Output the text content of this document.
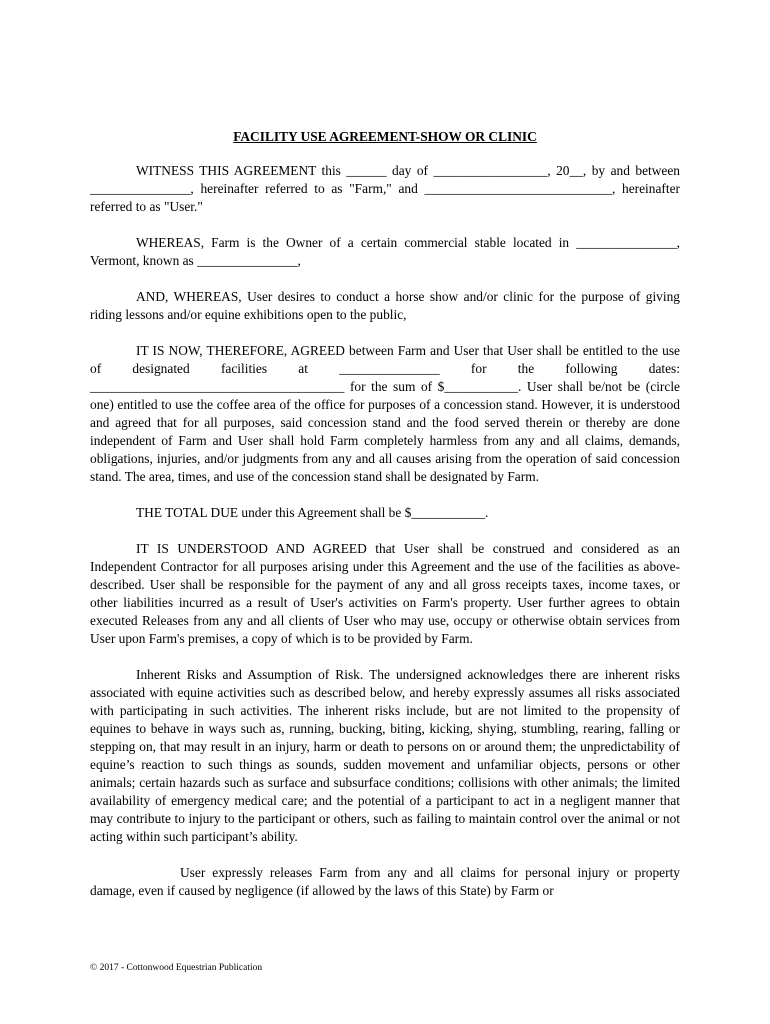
FACILITY USE AGREEMENT-SHOW OR CLINIC

WITNESS THIS AGREEMENT this ______ day of _________________, 20__, by and between _______________, hereinafter referred to as "Farm," and ____________________________, hereinafter referred to as "User."

WHEREAS, Farm is the Owner of a certain commercial stable located in _______________, Vermont, known as _______________,

AND, WHEREAS, User desires to conduct a horse show and/or clinic for the purpose of giving riding lessons and/or equine exhibitions open to the public,

IT IS NOW, THEREFORE, AGREED between Farm and User that User shall be entitled to the use of designated facilities at _______________ for the following dates: ______________________________________ for the sum of $___________. User shall be/not be (circle one) entitled to use the coffee area of the office for purposes of a concession stand. However, it is understood and agreed that for all purposes, said concession stand and the food served therein or thereby are done independent of Farm and User shall hold Farm completely harmless from any and all claims, demands, obligations, injuries, and/or judgments from any and all causes arising from the operation of said concession stand. The area, times, and use of the concession stand shall be designated by Farm.

THE TOTAL DUE under this Agreement shall be $___________.

IT IS UNDERSTOOD AND AGREED that User shall be construed and considered as an Independent Contractor for all purposes arising under this Agreement and the use of the facilities as above-described. User shall be responsible for the payment of any and all gross receipts taxes, income taxes, or other liabilities incurred as a result of User's activities on Farm's property. User further agrees to obtain executed Releases from any and all clients of User who may use, occupy or otherwise obtain services from User upon Farm's premises, a copy of which is to be provided by Farm.

Inherent Risks and Assumption of Risk. The undersigned acknowledges there are inherent risks associated with equine activities such as described below, and hereby expressly assumes all risks associated with participating in such activities. The inherent risks include, but are not limited to the propensity of equines to behave in ways such as, running, bucking, biting, kicking, shying, stumbling, rearing, falling or stepping on, that may result in an injury, harm or death to persons on or around them; the unpredictability of equine’s reaction to such things as sounds, sudden movement and unfamiliar objects, persons or other animals; certain hazards such as surface and subsurface conditions; collisions with other animals; the limited availability of emergency medical care; and the potential of a participant to act in a negligent manner that may contribute to injury to the participant or others, such as failing to maintain control over the animal or not acting within such participant’s ability.

User expressly releases Farm from any and all claims for personal injury or property damage, even if caused by negligence (if allowed by the laws of this State) by Farm or

© 2017 - Cottonwood Equestrian Publication
